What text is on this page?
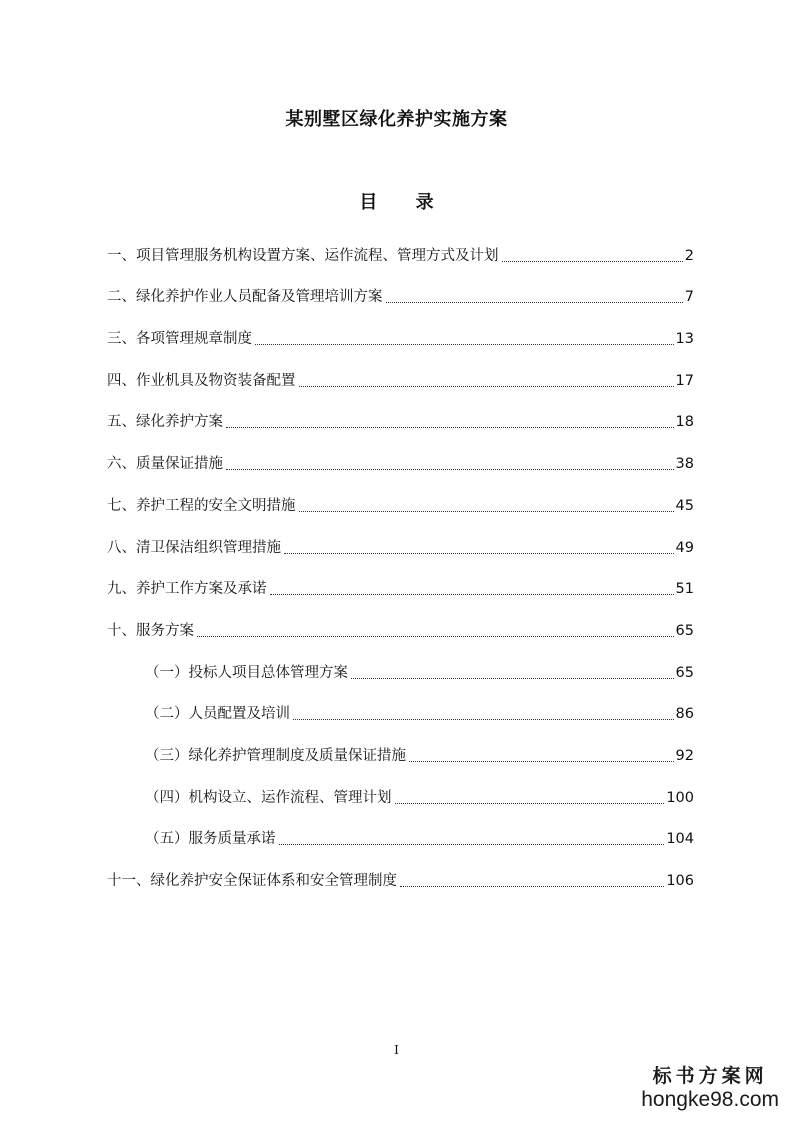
某别墅区绿化养护实施方案
目 录
一、项目管理服务机构设置方案、运作流程、管理方式及计划	2
二、绿化养护作业人员配备及管理培训方案	7
三、各项管理规章制度	13
四、作业机具及物资装备配置	17
五、绿化养护方案	18
六、质量保证措施	38
七、养护工程的安全文明措施	45
八、清卫保洁组织管理措施	49
九、养护工作方案及承诺	51
十、服务方案	65
（一）投标人项目总体管理方案	65
（二）人员配置及培训	86
（三）绿化养护管理制度及质量保证措施	92
（四）机构设立、运作流程、管理计划	100
（五）服务质量承诺	104
十一、绿化养护安全保证体系和安全管理制度	106
I
标书方案网
hongke98.com
